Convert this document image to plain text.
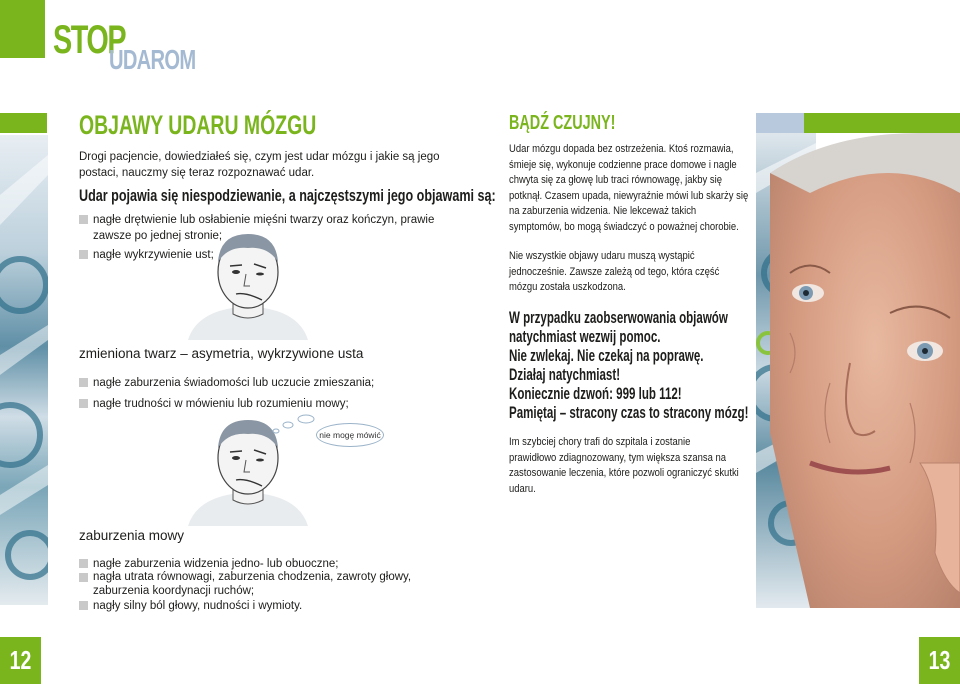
STOP
UDAROM
OBJAWY UDARU MÓZGU
Drogi pacjencie, dowiedziałeś się, czym jest udar mózgu i jakie są jego postaci, nauczmy się teraz rozpoznawać udar.
Udar pojawia się niespodziewanie, a najczęstszymi jego objawami są:
nagłe drętwienie lub osłabienie mięśni twarzy oraz kończyn, prawie zawsze po jednej stronie;
nagłe wykrzywienie ust;
zmieniona twarz – asymetria, wykrzywione usta
nagłe zaburzenia świadomości lub uczucie zmieszania;
nagłe trudności w mówieniu lub rozumieniu mowy;
nie mogę mówić
zaburzenia mowy
nagłe zaburzenia widzenia jedno- lub obuoczne;
nagła utrata równowagi, zaburzenia chodzenia, zawroty głowy, zaburzenia koordynacji ruchów;
nagły silny ból głowy, nudności i wymioty.
12
BĄDŹ CZUJNY!
Udar mózgu dopada bez ostrzeżenia. Ktoś rozmawia, śmieje się, wykonuje codzienne prace domowe i nagle chwyta się za głowę lub traci równowagę, jakby się potknął. Czasem upada, niewyraźnie mówi lub skarży się na zaburzenia widzenia. Nie lekceważ takich symptomów, bo mogą świadczyć o poważnej chorobie.
Nie wszystkie objawy udaru muszą wystąpić jednocześnie. Zawsze zależą od tego, która część mózgu została uszkodzona.
W przypadku zaobserwowania objawów
natychmiast wezwij pomoc.
Nie zwlekaj. Nie czekaj na poprawę.
Działaj natychmiast!
Koniecznie dzwoń: 999 lub 112!
Pamiętaj – stracony czas to stracony mózg!
Im szybciej chory trafi do szpitala i zostanie prawidłowo zdiagnozowany, tym większa szansa na zastosowanie leczenia, które pozwoli ograniczyć skutki udaru.
13
